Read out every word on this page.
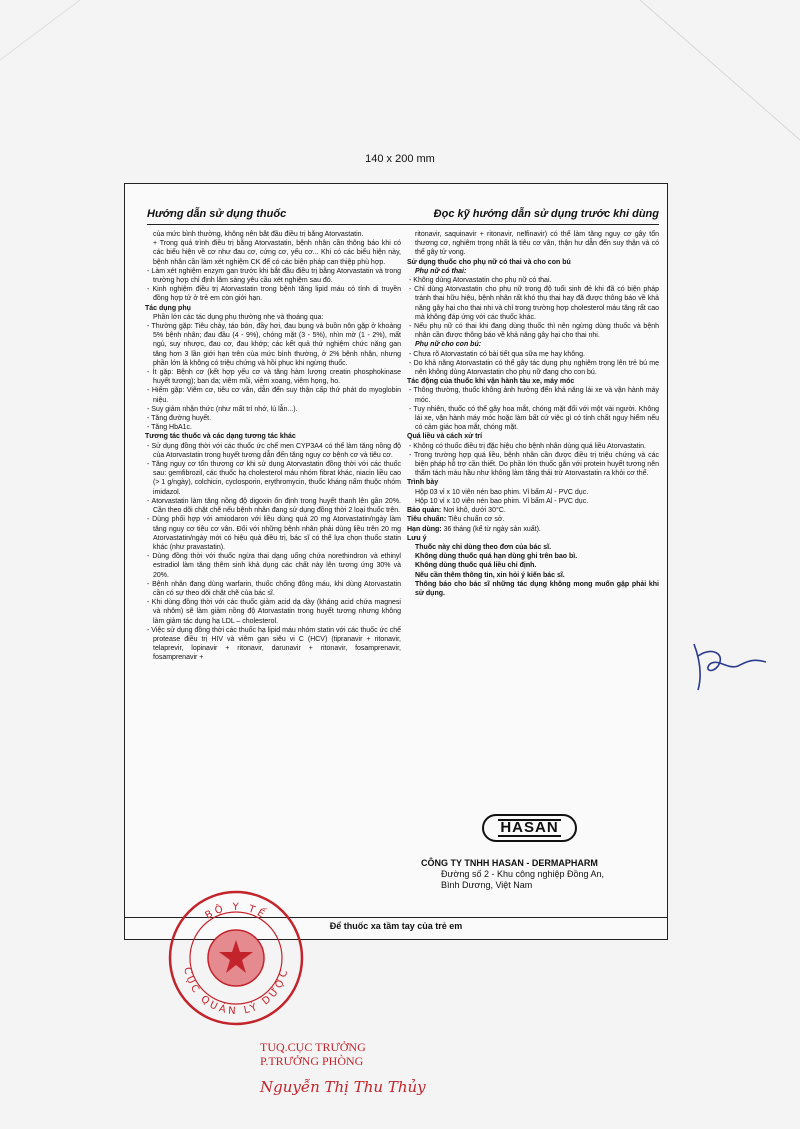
140 x 200 mm
Hướng dẫn sử dụng thuốc	Đọc kỹ hướng dẫn sử dụng trước khi dùng

của mức bình thường, không nên bắt đầu điều trị bằng Atorvastatin.

+ Trong quá trình điều trị bằng Atorvastatin, bệnh nhân cần thông báo khi có các biểu hiện về cơ như đau cơ, cứng cơ, yếu cơ... Khi có các biểu hiện này, bệnh nhân cần làm xét nghiệm CK để có các biện pháp can thiệp phù hợp.

- Làm xét nghiệm enzym gan trước khi bắt đầu điều trị bằng Atorvastatin và trong trường hợp chỉ định lâm sàng yêu cầu xét nghiệm sau đó.

- Kinh nghiệm điều trị Atorvastatin trong bệnh tăng lipid máu có tính di truyền đồng hợp tử ở trẻ em còn giới hạn.

Tác dụng phụ

Phần lớn các tác dụng phụ thường nhẹ và thoáng qua:

- Thường gặp: Tiêu chảy, táo bón, đầy hơi, đau bụng và buồn nôn gặp ở khoảng 5% bệnh nhân; đau đầu (4 - 9%), chóng mặt (3 - 5%), nhìn mờ (1 - 2%), mất ngủ, suy nhược, đau cơ, đau khớp; các kết quả thử nghiệm chức năng gan tăng hơn 3 lần giới hạn trên của mức bình thường, ở 2% bệnh nhân, nhưng phần lớn là không có triệu chứng và hồi phục khi ngừng thuốc.

- Ít gặp: Bệnh cơ (kết hợp yếu cơ và tăng hàm lượng creatin phosphokinase huyết tương); ban da; viêm mũi, viêm xoang, viêm họng, ho.

- Hiếm gặp: Viêm cơ, tiêu cơ vân, dẫn đến suy thận cấp thứ phát do myoglobin niệu.

- Suy giảm nhận thức (như mất trí nhớ, lú lẫn...).

- Tăng đường huyết.

- Tăng HbA1c.

Tương tác thuốc và các dạng tương tác khác

- Sử dụng đồng thời với các thuốc ức chế men CYP3A4 có thể làm tăng nồng độ của Atorvastatin trong huyết tương dẫn đến tăng nguy cơ bệnh cơ và tiêu cơ.

- Tăng nguy cơ tổn thương cơ khi sử dụng Atorvastatin đồng thời với các thuốc sau: gemfibrozil, các thuốc hạ cholesterol máu nhóm fibrat khác, niacin liều cao (> 1 g/ngày), colchicin, cyclosporin, erythromycin, thuốc kháng nấm thuộc nhóm imidazol.

- Atorvastatin làm tăng nồng độ digoxin ổn định trong huyết thanh lên gần 20%. Cần theo dõi chặt chẽ nếu bệnh nhân đang sử dụng đồng thời 2 loại thuốc trên.

- Dùng phối hợp với amiodaron với liều dùng quá 20 mg Atorvastatin/ngày làm tăng nguy cơ tiêu cơ vân. Đối với những bệnh nhân phải dùng liều trên 20 mg Atorvastatin/ngày mới có hiệu quả điều trị, bác sĩ có thể lựa chọn thuốc statin khác (như pravastatin).

- Dùng đồng thời với thuốc ngừa thai dạng uống chứa norethindron và ethinyl estradiol làm tăng thêm sinh khả dụng các chất này lên tương ứng 30% và 20%.

- Bệnh nhân đang dùng warfarin, thuốc chống đông máu, khi dùng Atorvastatin cần có sự theo dõi chặt chẽ của bác sĩ.

- Khi dùng đồng thời với các thuốc giảm acid dạ dày (kháng acid chứa magnesi và nhôm) sẽ làm giảm nồng độ Atorvastatin trong huyết tương nhưng không làm giảm tác dụng hạ LDL – cholesterol.

- Việc sử dụng đồng thời các thuốc hạ lipid máu nhóm statin với các thuốc ức chế protease điều trị HIV và viêm gan siêu vi C (HCV) (tipranavir + ritonavir, telaprevir, lopinavir + ritonavir, darunavir + ritonavir, fosamprenavir, fosamprenavir +

ritonavir, saquinavir + ritonavir, nelfinavir) có thể làm tăng nguy cơ gây tổn thương cơ, nghiêm trọng nhất là tiêu cơ vân, thận hư dẫn đến suy thận và có thể gây tử vong.

Sử dụng thuốc cho phụ nữ có thai và cho con bú

Phụ nữ có thai:

- Không dùng Atorvastatin cho phụ nữ có thai.

- Chỉ dùng Atorvastatin cho phụ nữ trong độ tuổi sinh đẻ khi đã có biện pháp tránh thai hữu hiệu, bệnh nhân rất khó thụ thai hay đã được thông báo về khả năng gây hại cho thai nhi và chỉ trong trường hợp cholesterol máu tăng rất cao mà không đáp ứng với các thuốc khác.

- Nếu phụ nữ có thai khi đang dùng thuốc thì nên ngừng dùng thuốc và bệnh nhân cần được thông báo về khả năng gây hại cho thai nhi.

Phụ nữ cho con bú:

- Chưa rõ Atorvastatin có bài tiết qua sữa mẹ hay không.

- Do khả năng Atorvastatin có thể gây tác dụng phụ nghiêm trọng lên trẻ bú mẹ nên không dùng Atorvastatin cho phụ nữ đang cho con bú.

Tác động của thuốc khi vận hành tàu xe, máy móc

- Thông thường, thuốc không ảnh hưởng đến khả năng lái xe và vận hành máy móc.

- Tuy nhiên, thuốc có thể gây hoa mắt, chóng mặt đối với một vài người. Không lái xe, vận hành máy móc hoặc làm bất cứ việc gì có tính chất nguy hiểm nếu có cảm giác hoa mắt, chóng mặt.

Quá liều và cách xử trí

- Không có thuốc điều trị đặc hiệu cho bệnh nhân dùng quá liều Atorvastatin.

- Trong trường hợp quá liều, bệnh nhân cần được điều trị triệu chứng và các biện pháp hỗ trợ cần thiết. Do phần lớn thuốc gắn với protein huyết tương nên thẩm tách máu hầu như không làm tăng thải trừ Atorvastatin ra khỏi cơ thể.

Trình bày

Hộp 03 vỉ x 10 viên nén bao phim. Vỉ bấm Al - PVC dục.

Hộp 10 vỉ x 10 viên nén bao phim. Vỉ bấm Al - PVC dục.

Bảo quản: Nơi khô, dưới 30°C.

Tiêu chuẩn: Tiêu chuẩn cơ sở.

Hạn dùng: 36 tháng (kể từ ngày sản xuất).

Lưu ý

Thuốc này chỉ dùng theo đơn của bác sĩ.

Không dùng thuốc quá hạn dùng ghi trên bao bì.

Không dùng thuốc quá liều chỉ định.

Nếu cần thêm thông tin, xin hỏi ý kiến bác sĩ.

Thông báo cho bác sĩ những tác dụng không mong muốn gặp phải khi sử dụng.

HASAN
CÔNG TY TNHH HASAN - DERMAPHARM
Đường số 2 - Khu công nghiệp Đồng An,
Bình Dương, Việt Nam
Để thuốc xa tầm tay của trẻ em
BỘ Y TẾ
CỤC QUẢN LÝ DƯỢC
TUQ.CỤC TRƯỞNG
P.TRƯỞNG PHÒNG
Nguyễn Thị Thu Thủy
